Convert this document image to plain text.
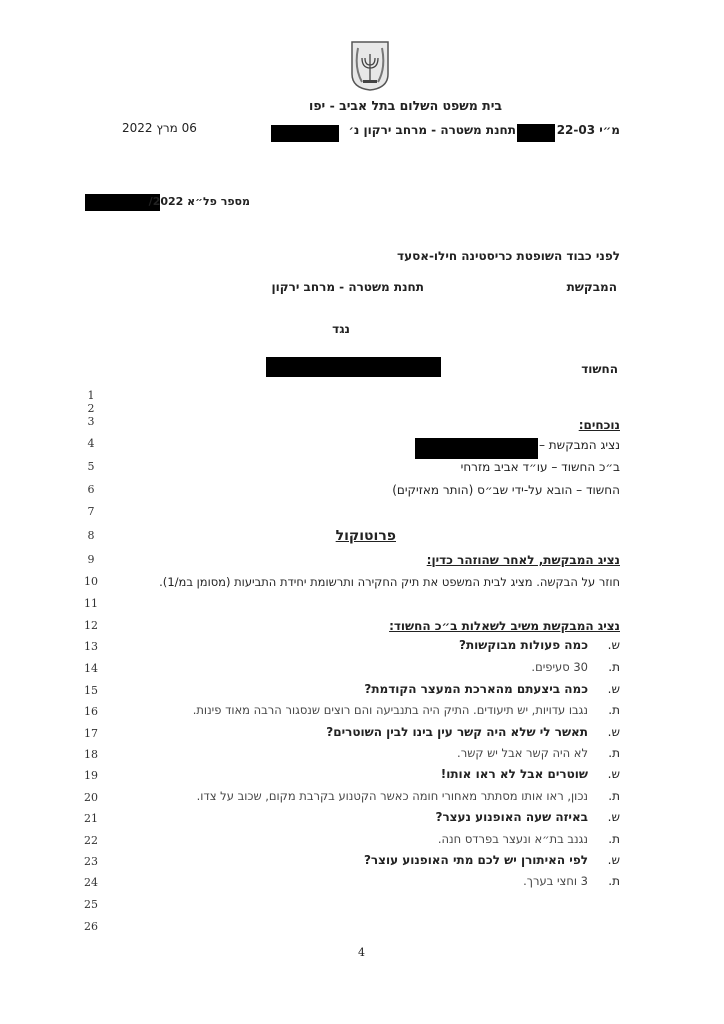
בית משפט השלום בתל אביב - יפו
מ״י 22-03
תחנת משטרה - מרחב ירקון נ׳
06 מרץ 2022
מספר פל״א 2022/
לפני כבוד השופטת כריסטינה חילו-אסעד
המבקשת
תחנת משטרה - מרחב ירקון
נגד
החשוד
1
2
3
4
5
6
7
8
9
10
11
12
13
14
15
16
17
18
19
20
21
22
23
24
25
26
נוכחים:
נציג המבקשת –
ב״כ החשוד – עו״ד אביב מזרחי
החשוד – הובא על-ידי שב״ס (הותר מאזיקים)
פרוטוקול
נציג המבקשת, לאחר שהוזהר כדין:
חוזר על הבקשה. מציג לבית המשפט את תיק החקירה ותרשומת יחידת התביעות (מסומן במ/1).
נציג המבקשת משיב לשאלות ב״כ החשוד:
ש.כמה פעולות מבוקשות?
ת.30 סעיפים.
ש.כמה ביצעתם מהארכת המעצר הקודמת?
ת.נגבו עדויות, יש תיעודים. התיק היה בתנביעה והם רוצים שנסגור הרבה מאוד פינות.
ש.תאשר לי שלא היה קשר עין בינו לבין השוטרים?
ת.לא היה קשר אבל יש קשר.
ש.שוטרים אבל לא ראו אותו!
ת.נכון, ראו אותו מסתתר מאחורי חומה כאשר הקטנוע בקרבת מקום, שכוב על צדו.
ש.באיזה שעה האופנוע נעצר?
ת.נגנב בת״א ונעצר בפרדס חנה.
ש.לפי האיתורן יש לכם מתי האופנוע עוצר?
ת.3 וחצי בערך.
4
